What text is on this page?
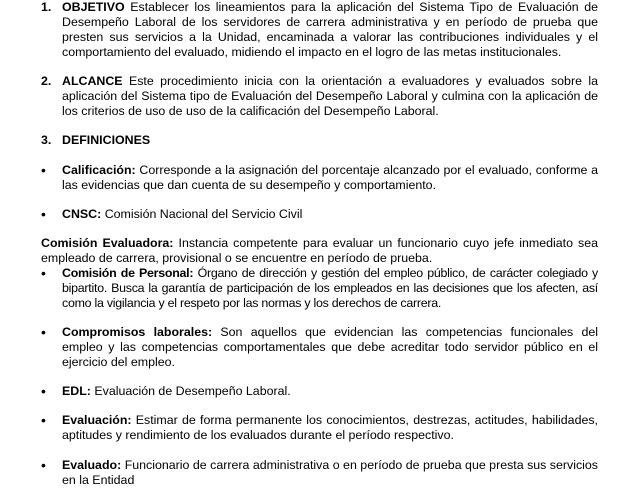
1. OBJETIVO Establecer los lineamientos para la aplicación del Sistema Tipo de Evaluación de Desempeño Laboral de los servidores de carrera administrativa y en período de prueba que presten sus servicios a la Unidad, encaminada a valorar las contribuciones individuales y el comportamiento del evaluado, midiendo el impacto en el logro de las metas institucionales.
2. ALCANCE Este procedimiento inicia con la orientación a evaluadores y evaluados sobre la aplicación del Sistema tipo de Evaluación del Desempeño Laboral y culmina con la aplicación de los criterios de uso de uso de la calificación del Desempeño Laboral.
3. DEFINICIONES
• Calificación: Corresponde a la asignación del porcentaje alcanzado por el evaluado, conforme a las evidencias que dan cuenta de su desempeño y comportamiento.
• CNSC: Comisión Nacional del Servicio Civil
Comisión Evaluadora: Instancia competente para evaluar un funcionario cuyo jefe inmediato sea empleado de carrera, provisional o se encuentre en período de prueba.
• Comisión de Personal: Órgano de dirección y gestión del empleo público, de carácter colegiado y bipartito. Busca la garantía de participación de los empleados en las decisiones que los afecten, así como la vigilancia y el respeto por las normas y los derechos de carrera.
• Compromisos laborales: Son aquellos que evidencian las competencias funcionales del empleo y las competencias comportamentales que debe acreditar todo servidor público en el ejercicio del empleo.
• EDL: Evaluación de Desempeño Laboral.
• Evaluación: Estimar de forma permanente los conocimientos, destrezas, actitudes, habilidades, aptitudes y rendimiento de los evaluados durante el período respectivo.
• Evaluado: Funcionario de carrera administrativa o en período de prueba que presta sus servicios en la Entidad
